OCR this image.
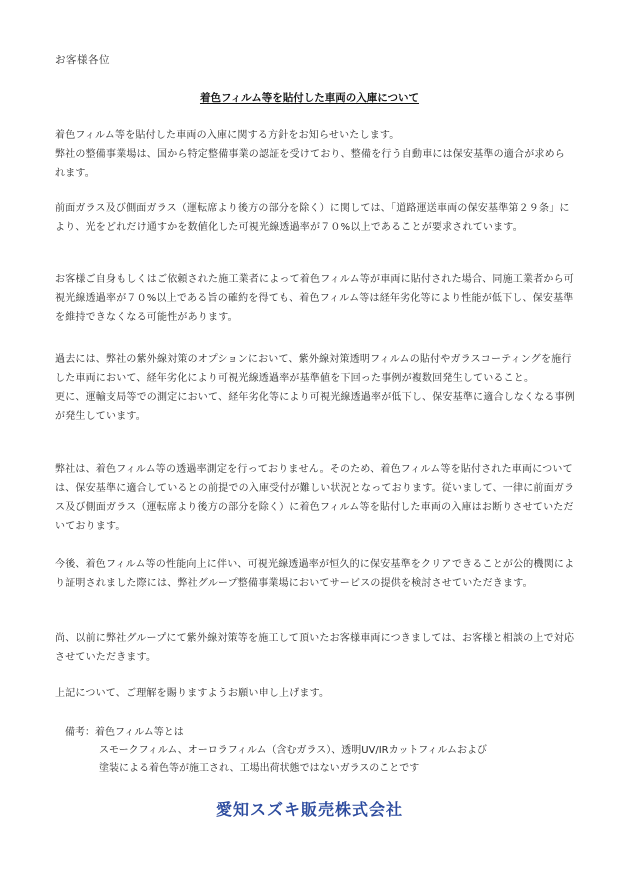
お客様各位
着色フィルム等を貼付した車両の入庫について

着色フィルム等を貼付した車両の入庫に関する方針をお知らせいたします。

弊社の整備事業場は、国から特定整備事業の認証を受けており、整備を行う自動車には保安基準の適合が求められます。

前面ガラス及び側面ガラス（運転席より後方の部分を除く）に関しては、「道路運送車両の保安基準第２９条」により、光をどれだけ通すかを数値化した可視光線透過率が７０%以上であることが要求されています。

お客様ご自身もしくはご依頼された施工業者によって着色フィルム等が車両に貼付された場合、同施工業者から可視光線透過率が７０%以上である旨の確約を得ても、着色フィルム等は経年劣化等により性能が低下し、保安基準を維持できなくなる可能性があります。

過去には、弊社の紫外線対策のオプションにおいて、紫外線対策透明フィルムの貼付やガラスコーティングを施行した車両において、経年劣化により可視光線透過率が基準値を下回った事例が複数回発生していること。

更に、運輸支局等での測定において、経年劣化等により可視光線透過率が低下し、保安基準に適合しなくなる事例が発生しています。

弊社は、着色フィルム等の透過率測定を行っておりません。そのため、着色フィルム等を貼付された車両については、保安基準に適合しているとの前提での入庫受付が難しい状況となっております。従いまして、一律に前面ガラス及び側面ガラス（運転席より後方の部分を除く）に着色フィルム等を貼付した車両の入庫はお断りさせていただいております。

今後、着色フィルム等の性能向上に伴い、可視光線透過率が恒久的に保安基準をクリアできることが公的機関により証明されました際には、弊社グループ整備事業場においてサービスの提供を検討させていただきます。

尚、以前に弊社グループにて紫外線対策等を施工して頂いたお客様車両につきましては、お客様と相談の上で対応させていただきます。

上記について、ご理解を賜りますようお願い申し上げます。

備考：着色フィルム等とは
スモークフィルム、オーロラフィルム（含むガラス）、透明UV/IRカットフィルムおよび
塗装による着色等が施工され、工場出荷状態ではないガラスのことです
愛知スズキ販売株式会社
